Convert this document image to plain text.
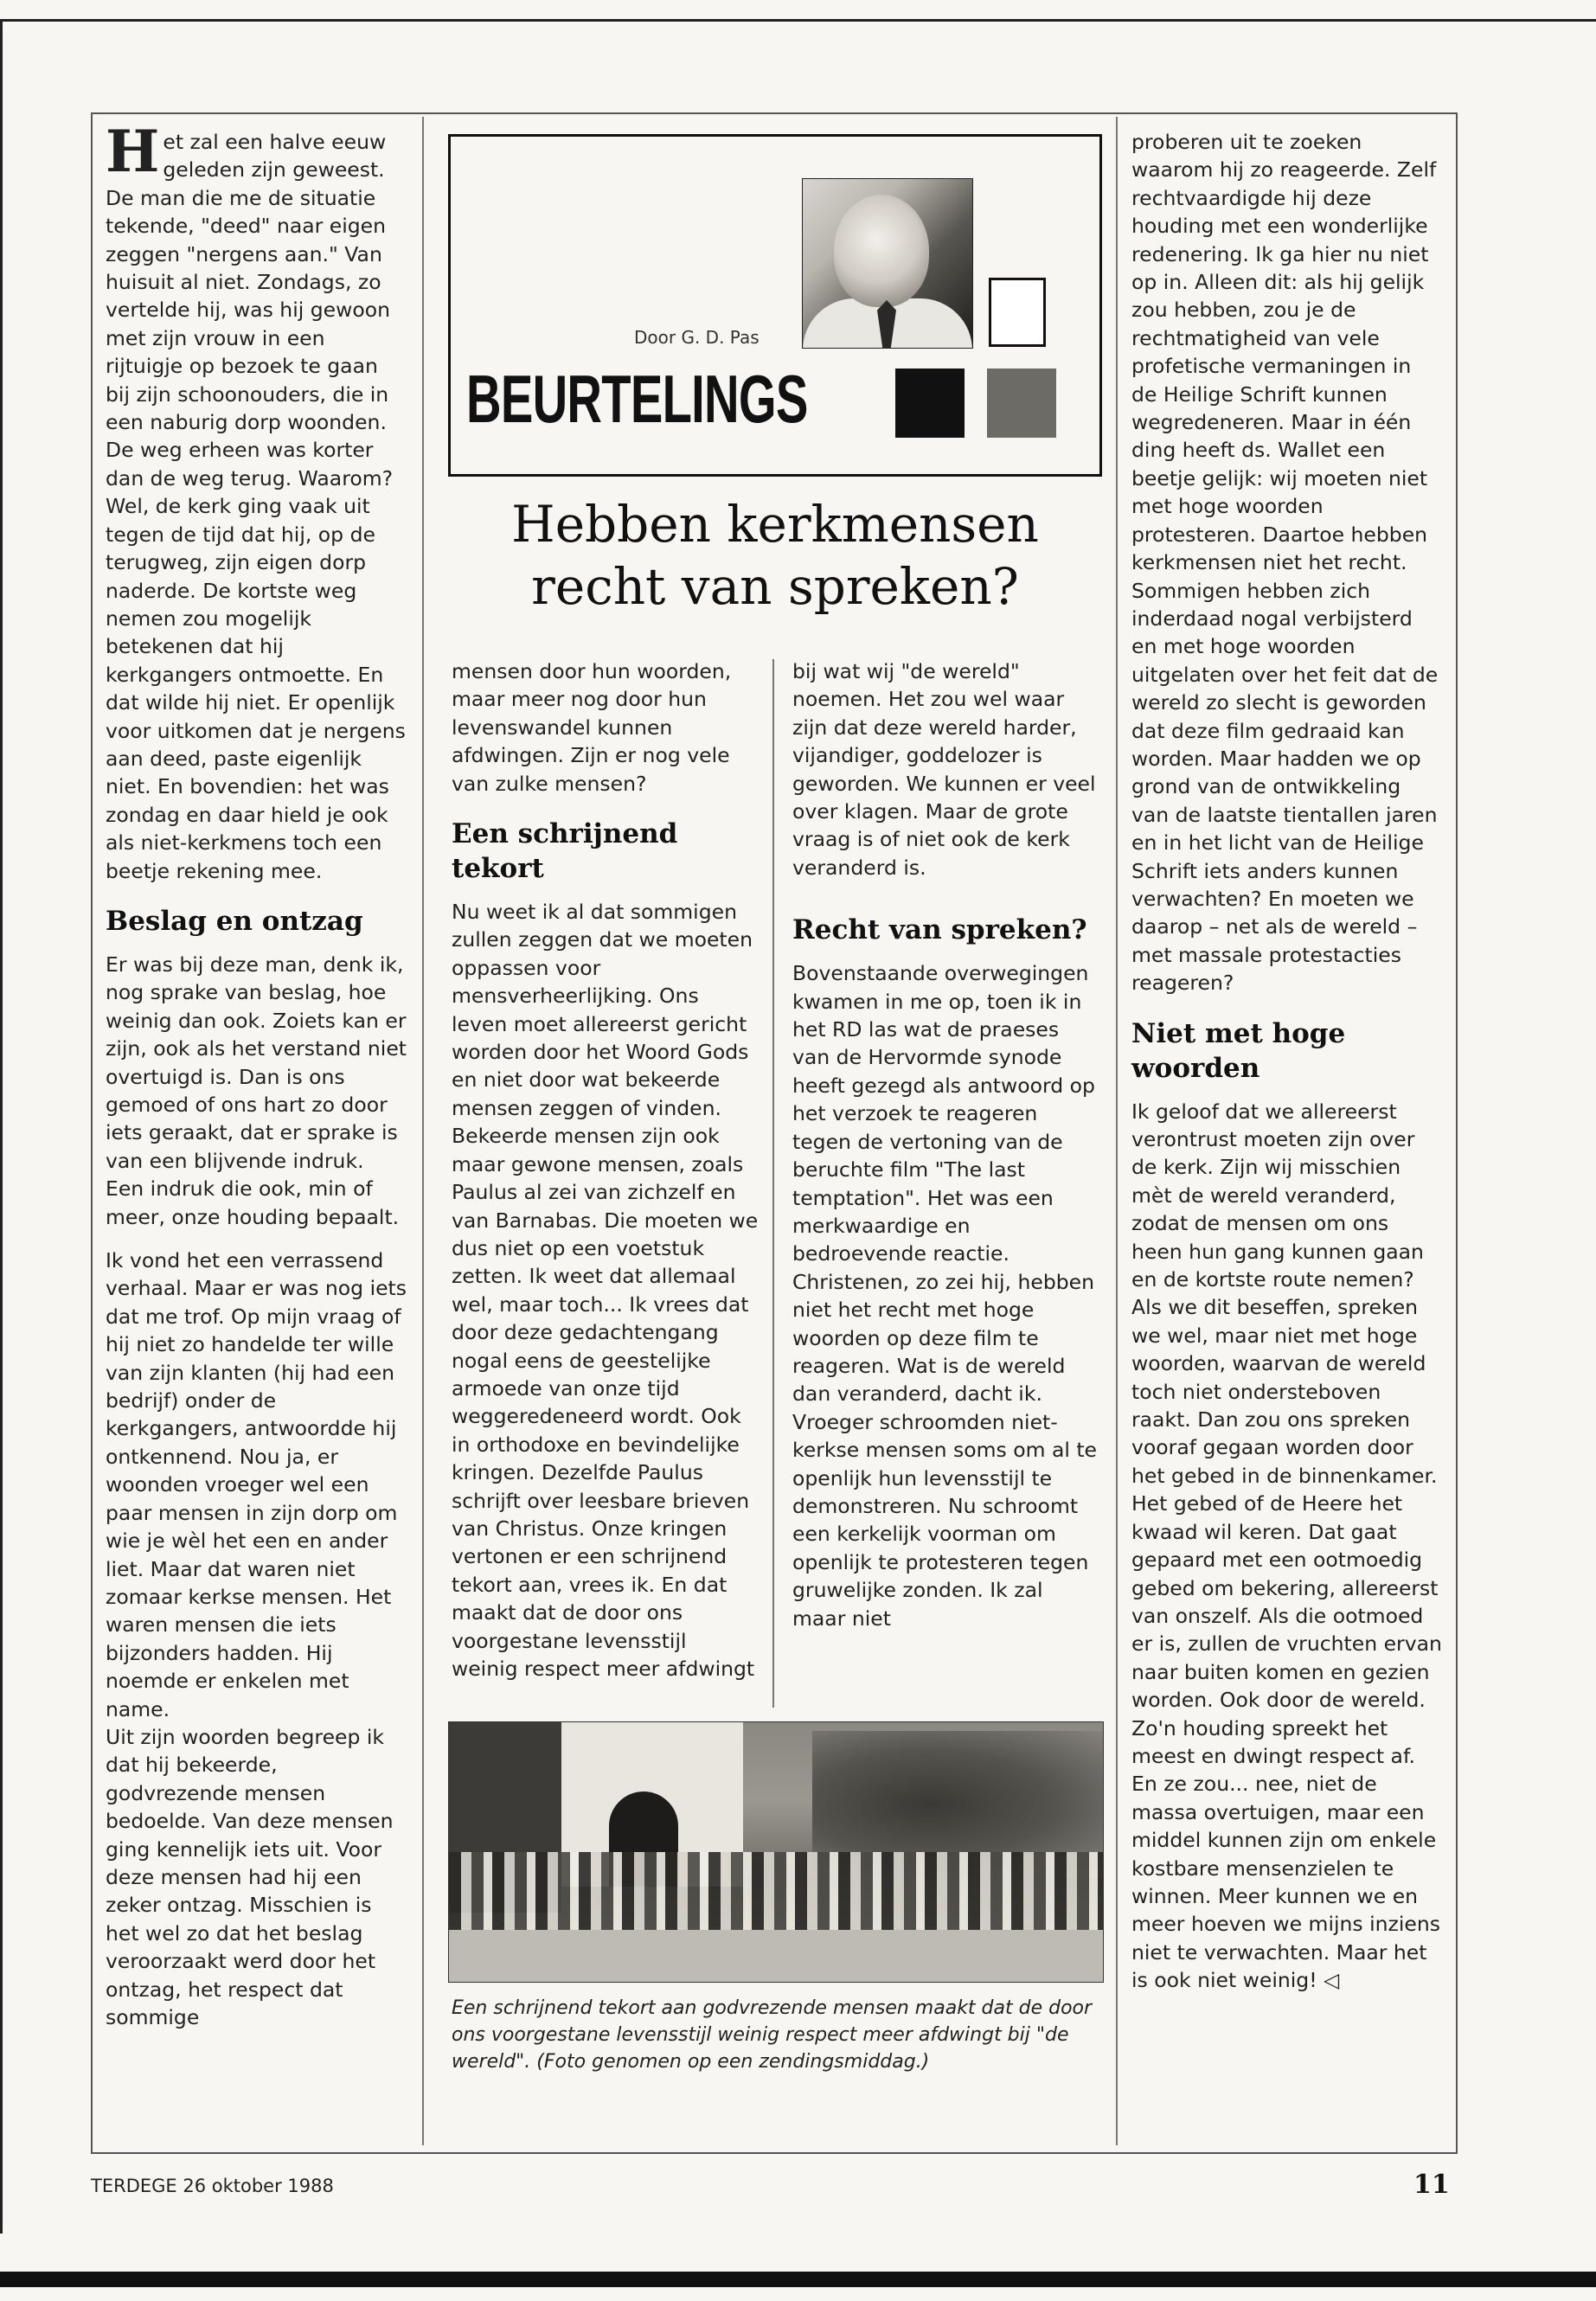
Het zal een halve eeuw geleden zijn geweest. De man die me de situatie tekende, "deed" naar eigen zeggen "nergens aan." Van huisuit al niet. Zondags, zo vertelde hij, was hij gewoon met zijn vrouw in een rijtuigje op bezoek te gaan bij zijn schoonouders, die in een naburig dorp woonden. De weg erheen was korter dan de weg terug. Waarom? Wel, de kerk ging vaak uit tegen de tijd dat hij, op de terugweg, zijn eigen dorp naderde. De kortste weg nemen zou mogelijk betekenen dat hij kerkgangers ontmoette. En dat wilde hij niet. Er openlijk voor uitkomen dat je nergens aan deed, paste eigenlijk niet. En bovendien: het was zondag en daar hield je ook als niet-kerkmens toch een beetje rekening mee.

Beslag en ontzag

Er was bij deze man, denk ik, nog sprake van beslag, hoe weinig dan ook. Zoiets kan er zijn, ook als het verstand niet overtuigd is. Dan is ons gemoed of ons hart zo door iets geraakt, dat er sprake is van een blijvende indruk. Een indruk die ook, min of meer, onze houding bepaalt.

Ik vond het een verrassend verhaal. Maar er was nog iets dat me trof. Op mijn vraag of hij niet zo handelde ter wille van zijn klanten (hij had een bedrijf) onder de kerkgangers, antwoordde hij ontkennend. Nou ja, er woonden vroeger wel een paar mensen in zijn dorp om wie je wèl het een en ander liet. Maar dat waren niet zomaar kerkse mensen. Het waren mensen die iets bijzonders hadden. Hij noemde er enkelen met name.

Uit zijn woorden begreep ik dat hij bekeerde, godvrezende mensen bedoelde. Van deze mensen ging kennelijk iets uit. Voor deze mensen had hij een zeker ontzag. Misschien is het wel zo dat het beslag veroorzaakt werd door het ontzag, het respect dat sommige

Door G. D. Pas
BEURTELINGS
Hebben kerkmensen recht van spreken?

mensen door hun woorden, maar meer nog door hun levenswandel kunnen afdwingen. Zijn er nog vele van zulke mensen?

Een schrijnend tekort

Nu weet ik al dat sommigen zullen zeggen dat we moeten oppassen voor mensverheerlijking. Ons leven moet allereerst gericht worden door het Woord Gods en niet door wat bekeerde mensen zeggen of vinden. Bekeerde mensen zijn ook maar gewone mensen, zoals Paulus al zei van zichzelf en van Barnabas. Die moeten we dus niet op een voetstuk zetten. Ik weet dat allemaal wel, maar toch... Ik vrees dat door deze gedachtengang nogal eens de geestelijke armoede van onze tijd weggeredeneerd wordt. Ook in orthodoxe en bevindelijke kringen. Dezelfde Paulus schrijft over leesbare brieven van Christus. Onze kringen vertonen er een schrijnend tekort aan, vrees ik. En dat maakt dat de door ons voorgestane levensstijl weinig respect meer afdwingt

bij wat wij "de wereld" noemen. Het zou wel waar zijn dat deze wereld harder, vijandiger, goddelozer is geworden. We kunnen er veel over klagen. Maar de grote vraag is of niet ook de kerk veranderd is.

Recht van spreken?

Bovenstaande overwegingen kwamen in me op, toen ik in het RD las wat de praeses van de Hervormde synode heeft gezegd als antwoord op het verzoek te reageren tegen de vertoning van de beruchte film "The last temptation". Het was een merkwaardige en bedroevende reactie. Christenen, zo zei hij, hebben niet het recht met hoge woorden op deze film te reageren. Wat is de wereld dan veranderd, dacht ik. Vroeger schroomden niet-kerkse mensen soms om al te openlijk hun levensstijl te demonstreren. Nu schroomt een kerkelijk voorman om openlijk te protesteren tegen gruwelijke zonden. Ik zal maar niet

proberen uit te zoeken waarom hij zo reageerde. Zelf rechtvaardigde hij deze houding met een wonderlijke redenering. Ik ga hier nu niet op in. Alleen dit: als hij gelijk zou hebben, zou je de rechtmatigheid van vele profetische vermaningen in de Heilige Schrift kunnen wegredeneren. Maar in één ding heeft ds. Wallet een beetje gelijk: wij moeten niet met hoge woorden protesteren. Daartoe hebben kerkmensen niet het recht. Sommigen hebben zich inderdaad nogal verbijsterd en met hoge woorden uitgelaten over het feit dat de wereld zo slecht is geworden dat deze film gedraaid kan worden. Maar hadden we op grond van de ontwikkeling van de laatste tientallen jaren en in het licht van de Heilige Schrift iets anders kunnen verwachten? En moeten we daarop – net als de wereld – met massale protestacties reageren?

Niet met hoge woorden

Ik geloof dat we allereerst verontrust moeten zijn over de kerk. Zijn wij misschien mèt de wereld veranderd, zodat de mensen om ons heen hun gang kunnen gaan en de kortste route nemen? Als we dit beseffen, spreken we wel, maar niet met hoge woorden, waarvan de wereld toch niet ondersteboven raakt. Dan zou ons spreken vooraf gegaan worden door het gebed in de binnenkamer. Het gebed of de Heere het kwaad wil keren. Dat gaat gepaard met een ootmoedig gebed om bekering, allereerst van onszelf. Als die ootmoed er is, zullen de vruchten ervan naar buiten komen en gezien worden. Ook door de wereld. Zo'n houding spreekt het meest en dwingt respect af. En ze zou... nee, niet de massa overtuigen, maar een middel kunnen zijn om enkele kostbare mensenzielen te winnen. Meer kunnen we en meer hoeven we mijns inziens niet te verwachten. Maar het is ook niet weinig! ◁

Een schrijnend tekort aan godvrezende mensen maakt dat de door ons voorgestane levensstijl weinig respect meer afdwingt bij "de wereld". (Foto genomen op een zendingsmiddag.)
TERDEGE 26 oktober 1988	11
